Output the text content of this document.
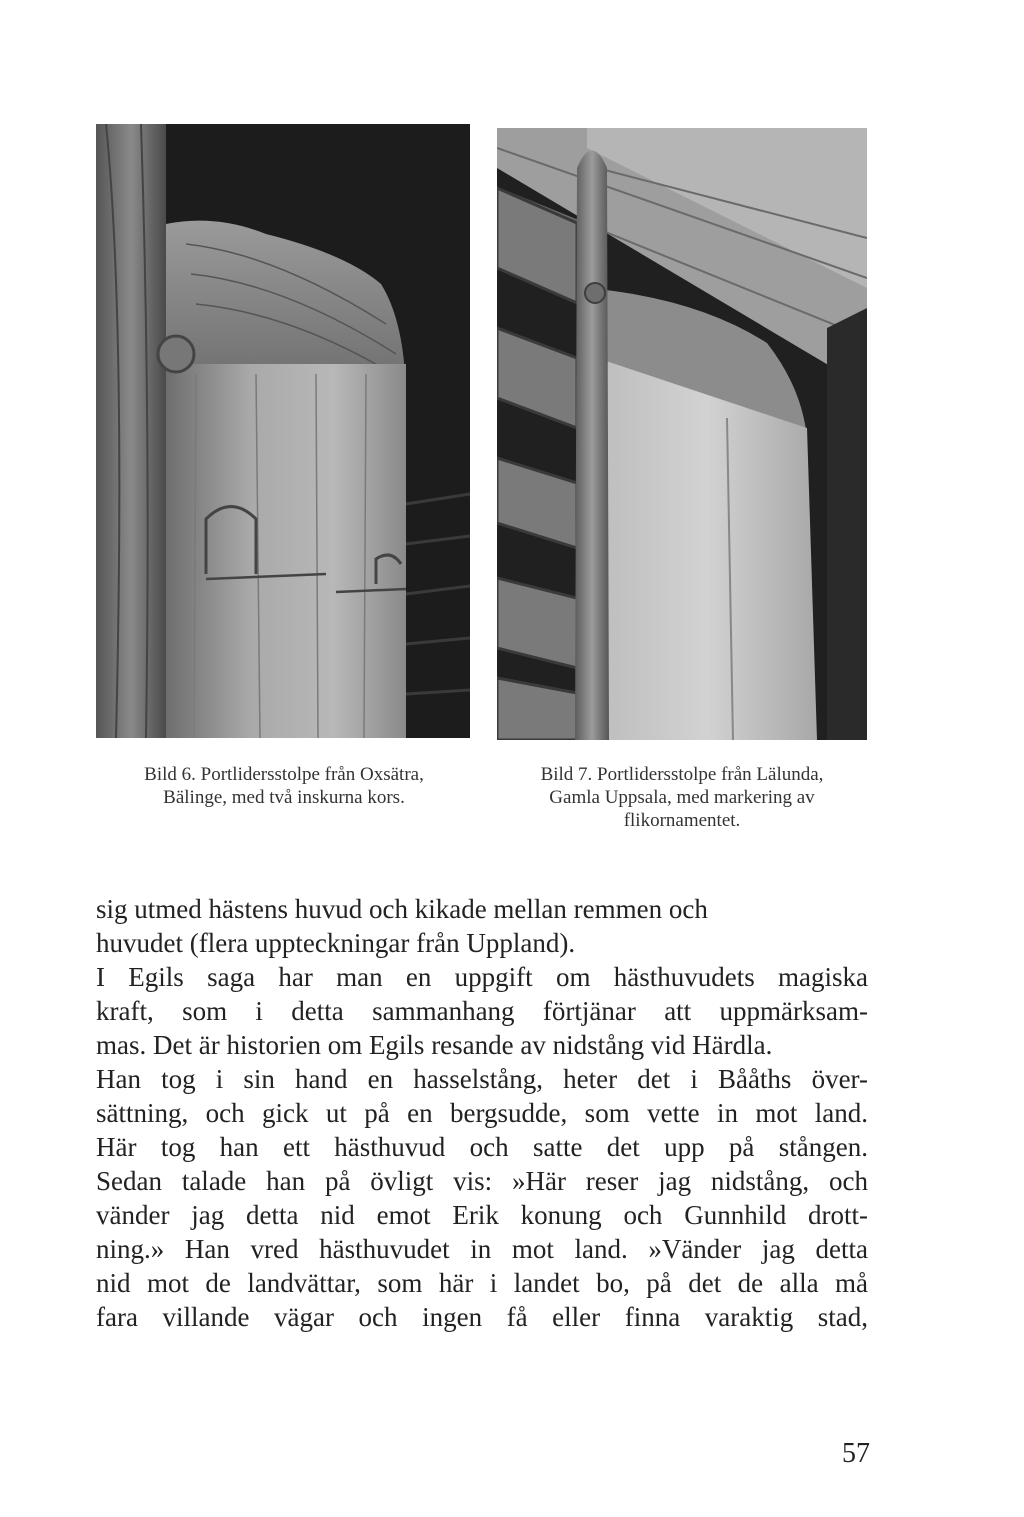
Bild 6. Portlidersstolpe från Oxsätra,
Bälinge, med två inskurna kors.
Bild 7. Portlidersstolpe från Lälunda,
Gamla Uppsala, med markering av
flikornamentet.
sig utmed hästens huvud och kikade mellan remmen och
huvudet (flera uppteckningar från Uppland).
I Egils saga har man en uppgift om hästhuvudets magiska
kraft, som i detta sammanhang förtjänar att uppmärksam-
mas. Det är historien om Egils resande av nidstång vid Härdla.
Han tog i sin hand en hasselstång, heter det i Bååths över-
sättning, och gick ut på en bergsudde, som vette in mot land.
Här tog han ett hästhuvud och satte det upp på stången.
Sedan talade han på övligt vis: »Här reser jag nidstång, och
vänder jag detta nid emot Erik konung och Gunnhild drott-
ning.» Han vred hästhuvudet in mot land. »Vänder jag detta
nid mot de landvättar, som här i landet bo, på det de alla må
fara villande vägar och ingen få eller finna varaktig stad,
57
